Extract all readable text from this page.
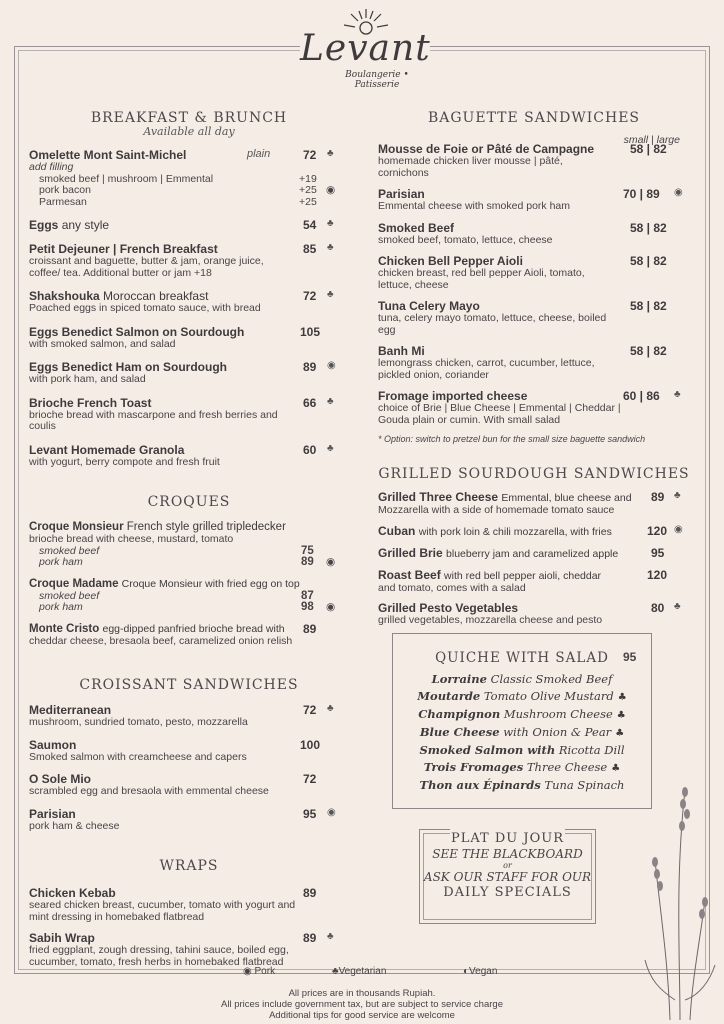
Levant
Boulangerie • Patisserie
BREAKFAST & BRUNCH
Available all day
Omelette Mont Saint-Michel	plain	72 ♣
add filling
smoked beef | mushroom | Emmental	+19
pork bacon	+25 ◉
Parmesan	+25
Eggs any style	54 ♣
Petit Dejeuner | French Breakfast	85 ♣
croissant and baguette, butter & jam, orange juice, coffee/ tea. Additional butter or jam +18
Shakshouka Moroccan breakfast	72 ♣
Poached eggs in spiced tomato sauce, with bread
Eggs Benedict Salmon on Sourdough	105
with smoked salmon, and salad
Eggs Benedict Ham on Sourdough	89 ◉
with pork ham, and salad
Brioche French Toast	66 ♣
brioche bread with mascarpone and fresh berries and coulis
Levant Homemade Granola	60 ♣
with yogurt, berry compote and fresh fruit
CROQUES
Croque Monsieur French style grilled tripledecker
brioche bread with cheese, mustard, tomato
smoked beef	75
pork ham	89 ◉
Croque Madame Croque Monsieur with fried egg on top
smoked beef	87
pork ham	98 ◉
Monte Cristo egg-dipped panfried brioche bread with	89
cheddar cheese, bresaola beef, caramelized onion relish
CROISSANT SANDWICHES
Mediterranean	72 ♣
mushroom, sundried tomato, pesto, mozzarella
Saumon	100
Smoked salmon with creamcheese and capers
O Sole Mio	72
scrambled egg and bresaola with emmental cheese
Parisian	95 ◉
pork ham & cheese
WRAPS
Chicken Kebab	89
seared chicken breast, cucumber, tomato with yogurt and mint dressing in homebaked flatbread
Sabih Wrap	89 ♣
fried eggplant, zough dressing, tahini sauce, boiled egg, cucumber, tomato, fresh herbs in homebaked flatbread
BAGUETTE SANDWICHES
small | large
Mousse de Foie or Pâté de Campagne	58 | 82
homemade chicken liver mousse | pâté, cornichons
Parisian	70 | 89 ◉
Emmental cheese with smoked pork ham
Smoked Beef	58 | 82
smoked beef, tomato, lettuce, cheese
Chicken Bell Pepper Aioli	58 | 82
chicken breast, red bell pepper Aioli, tomato, lettuce, cheese
Tuna Celery Mayo	58 | 82
tuna, celery mayo tomato, lettuce, cheese, boiled egg
Banh Mi	58 | 82
lemongrass chicken, carrot, cucumber, lettuce, pickled onion, coriander
Fromage imported cheese	60 | 86 ♣
choice of Brie | Blue Cheese | Emmental | Cheddar | Gouda plain or cumin. With small salad
* Option: switch to pretzel bun for the small size baguette sandwich
GRILLED SOURDOUGH SANDWICHES
Grilled Three Cheese Emmental, blue cheese and	89 ♣
Mozzarella with a side of homemade tomato sauce
Cuban with pork loin & chili mozzarella, with fries	120 ◉
Grilled Brie blueberry jam and caramelized apple	95
Roast Beef with red bell pepper aioli, cheddar	120
and tomato, comes with a salad
Grilled Pesto Vegetables	80 ♣
grilled vegetables, mozzarella cheese and pesto
QUICHE WITH SALAD 95
Lorraine Classic Smoked Beef
Moutarde Tomato Olive Mustard ♣
Champignon Mushroom Cheese ♣
Blue Cheese with Onion & Pear ♣
Smoked Salmon with Ricotta Dill
Trois Fromages Three Cheese ♣
Thon aux Épinards Tuna Spinach
PLAT DU JOUR
SEE THE BLACKBOARD
or
ASK OUR STAFF FOR OUR
DAILY SPECIALS
◉ Pork	♣Vegetarian	◐Vegan
All prices are in thousands Rupiah.
All prices include government tax, but are subject to service charge
Additional tips for good service are welcome
